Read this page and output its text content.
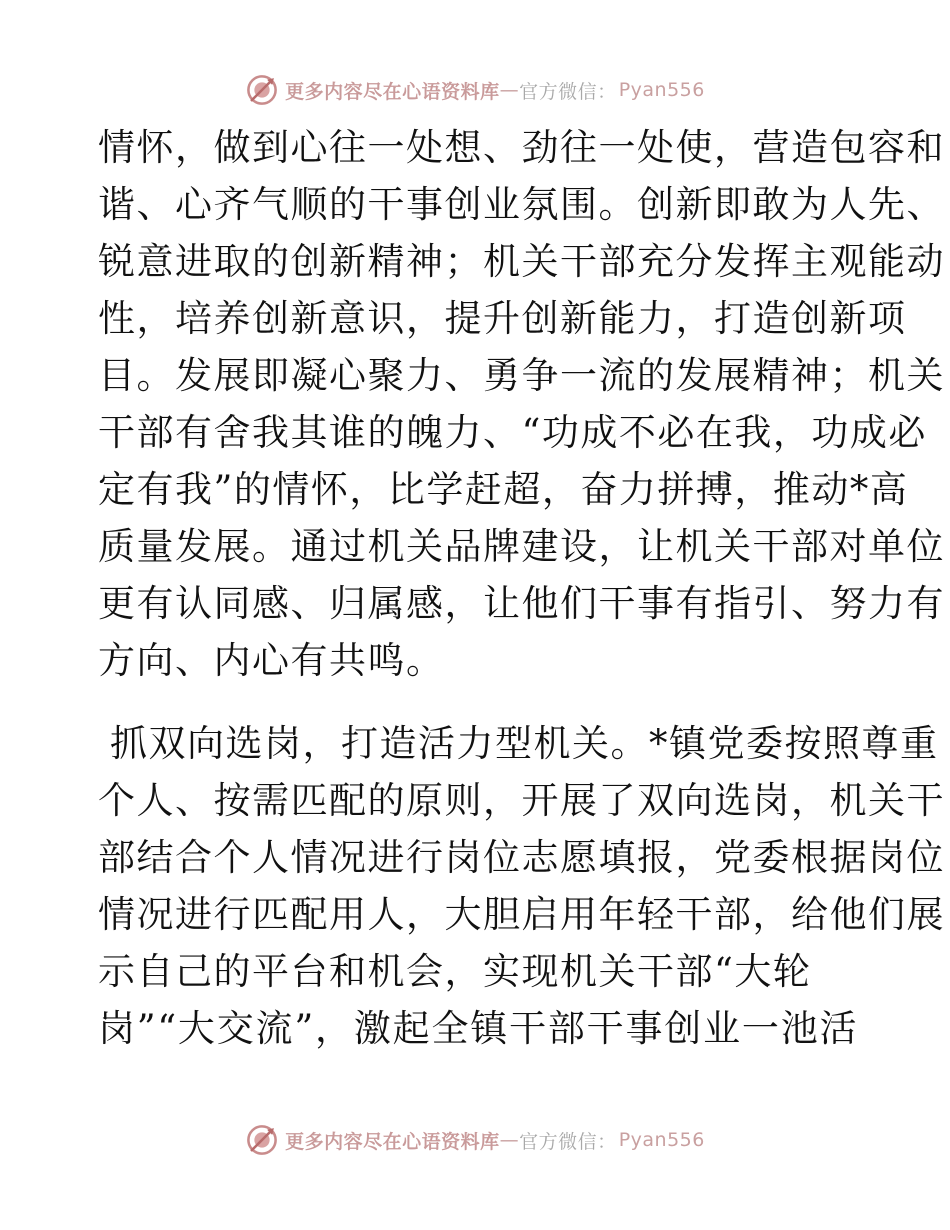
更多内容尽在心语资料库 — 官方微信： Pyan556
情怀，做到心往一处想、劲往一处使，营造包容和
谐、心齐气顺的干事创业氛围。创新即敢为人先、
锐意进取的创新精神；机关干部充分发挥主观能动
性，培养创新意识，提升创新能力，打造创新项
目。发展即凝心聚力、勇争一流的发展精神；机关
干部有舍我其谁的魄力、“功成不必在我，功成必
定有我”的情怀，比学赶超，奋力拼搏，推动*高
质量发展。通过机关品牌建设，让机关干部对单位
更有认同感、归属感，让他们干事有指引、努力有
方向、内心有共鸣。
抓双向选岗，打造活力型机关。*镇党委按照尊重
个人、按需匹配的原则，开展了双向选岗，机关干
部结合个人情况进行岗位志愿填报，党委根据岗位
情况进行匹配用人，大胆启用年轻干部，给他们展
示自己的平台和机会，实现机关干部“大轮
岗”“大交流”，激起全镇干部干事创业一池活
更多内容尽在心语资料库 — 官方微信： Pyan556
